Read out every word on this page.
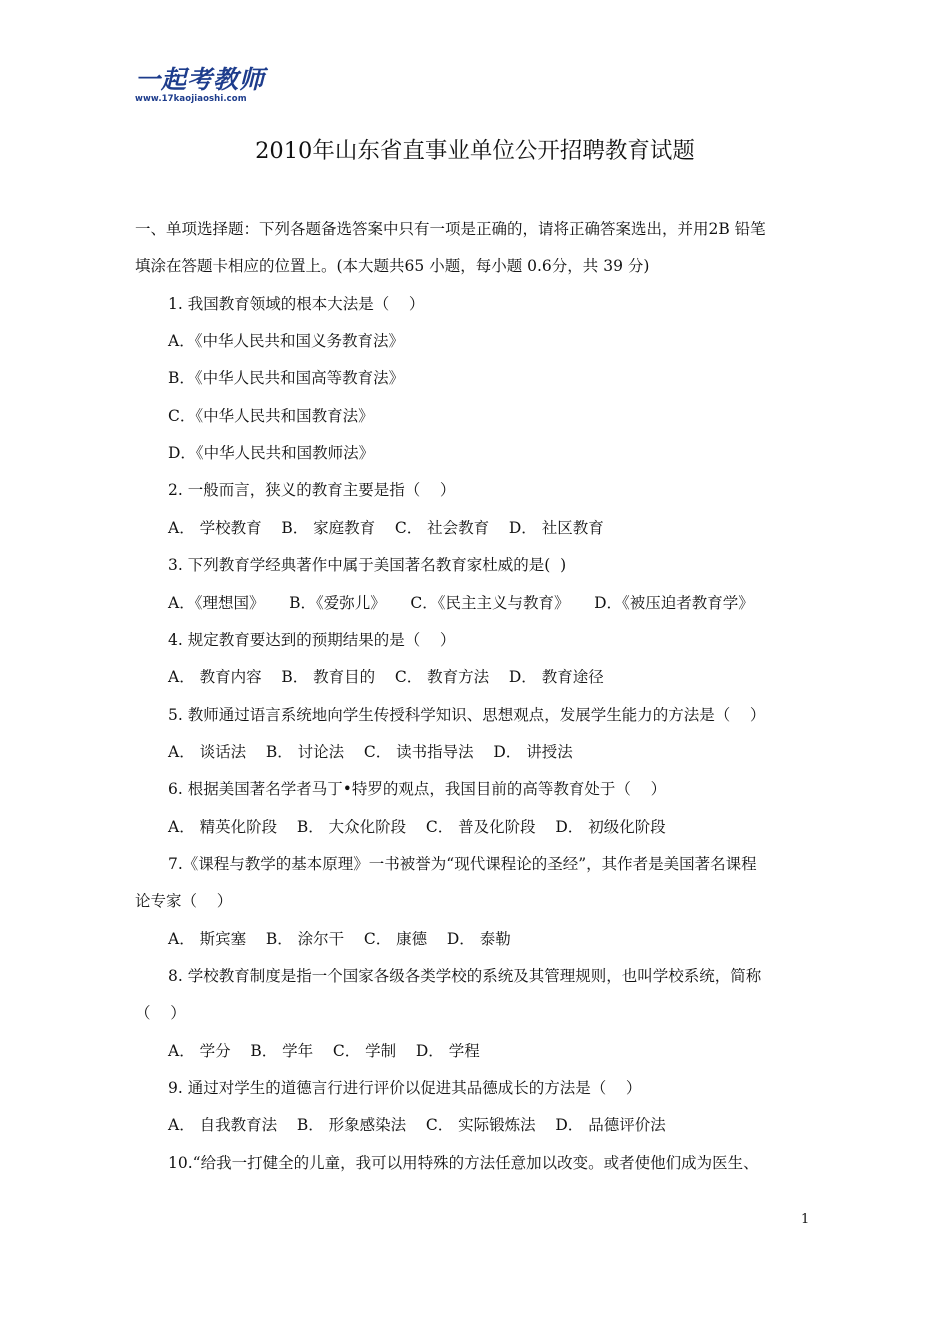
一起考教师
www.17kaojiaoshi.com
2010年山东省直事业单位公开招聘教育试题
一、单项选择题：下列各题备选答案中只有一项是正确的，请将正确答案选出，并用2B 铅笔
填涂在答题卡相应的位置上。(本大题共65 小题，每小题 0.6分，共 39 分)
1. 我国教育领域的根本大法是（    ）
A．《中华人民共和国义务教育法》
B．《中华人民共和国高等教育法》
C．《中华人民共和国教育法》
D．《中华人民共和国教师法》
2. 一般而言，狭义的教育主要是指（    ）
A． 学校教育    B． 家庭教育    C． 社会教育    D． 社区教育
3. 下列教育学经典著作中属于美国著名教育家杜威的是(  )
A．《理想国》     B．《爱弥儿》     C．《民主主义与教育》     D．《被压迫者教育学》
4. 规定教育要达到的预期结果的是（    ）
A． 教育内容    B． 教育目的    C． 教育方法    D． 教育途径
5. 教师通过语言系统地向学生传授科学知识、思想观点，发展学生能力的方法是（    ）
A． 谈话法    B． 讨论法    C． 读书指导法    D． 讲授法
6. 根据美国著名学者马丁•特罗的观点，我国目前的高等教育处于（    ）
A． 精英化阶段    B． 大众化阶段    C． 普及化阶段    D． 初级化阶段
7.《课程与教学的基本原理》一书被誉为“现代课程论的圣经”，其作者是美国著名课程
论专家（    ）
A． 斯宾塞    B． 涂尔干    C． 康德    D． 泰勒
8. 学校教育制度是指一个国家各级各类学校的系统及其管理规则，也叫学校系统，简称
（    ）
A． 学分    B． 学年    C． 学制    D． 学程
9. 通过对学生的道德言行进行评价以促进其品德成长的方法是（    ）
A． 自我教育法    B． 形象感染法    C． 实际锻炼法    D． 品德评价法
10.“给我一打健全的儿童，我可以用特殊的方法任意加以改变。或者使他们成为医生、
1
